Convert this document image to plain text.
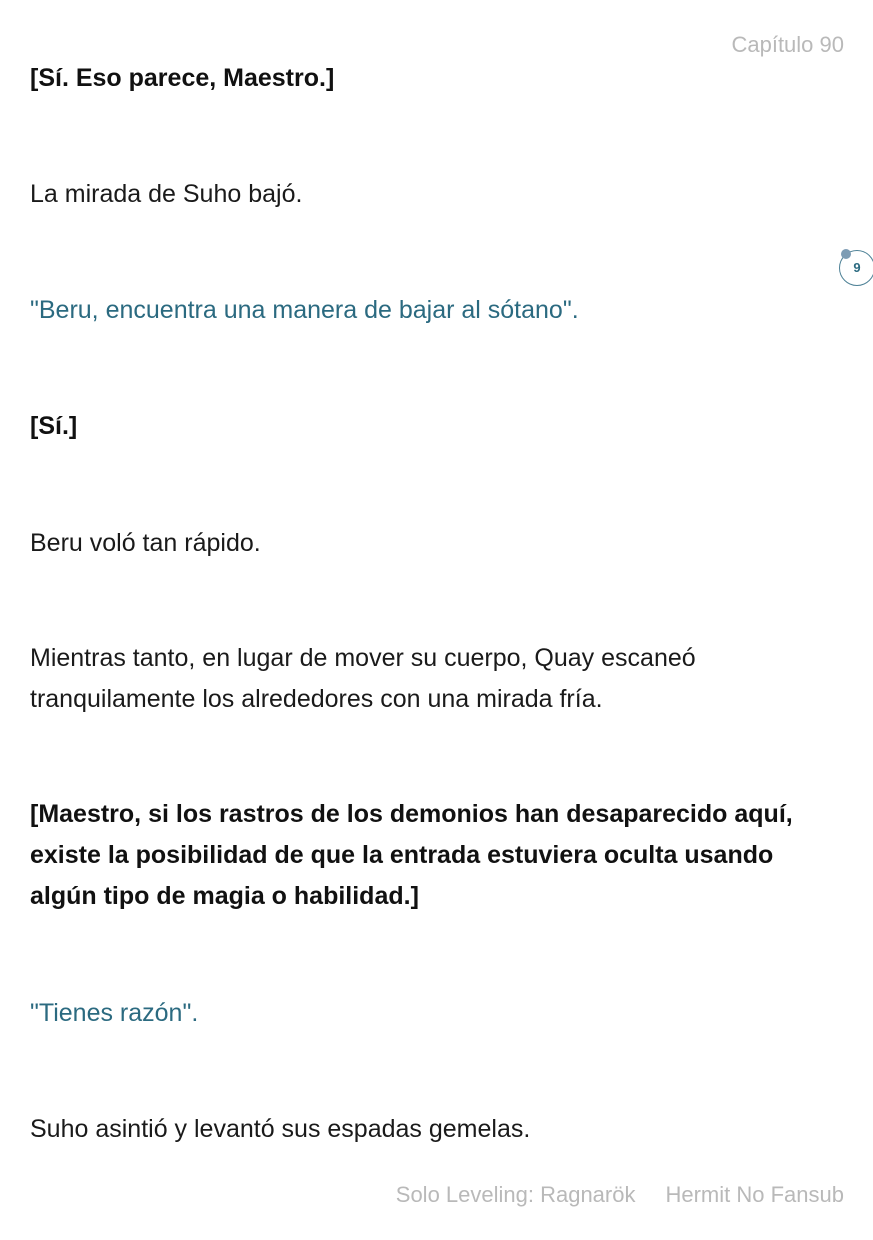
Capítulo 90

[Sí. Eso parece, Maestro.]

La mirada de Suho bajó.

9

"Beru, encuentra una manera de bajar al sótano".

[Sí.]

Beru voló tan rápido.

Mientras tanto, en lugar de mover su cuerpo, Quay escaneó tranquilamente los alrededores con una mirada fría.

[Maestro, si los rastros de los demonios han desaparecido aquí, existe la posibilidad de que la entrada estuviera oculta usando algún tipo de magia o habilidad.]

"Tienes razón".

Suho asintió y levantó sus espadas gemelas.

Solo Leveling: Ragnarök Hermit No Fansub
